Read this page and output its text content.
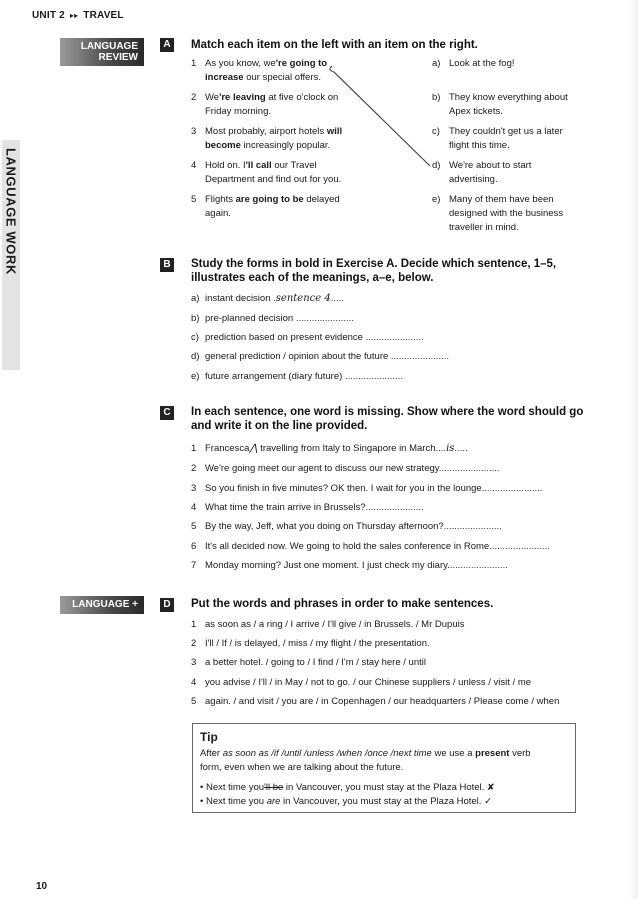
UNIT 2 ▸▸ TRAVEL
LANGUAGE WORK
LANGUAGE
REVIEW
LANGUAGE +
A Match each item on the left with an item on the right.
1 As you know, we're going to
increase our special offers.
2 We're leaving at five o'clock on
Friday morning.
3 Most probably, airport hotels will
become increasingly popular.
4 Hold on. I'll call our Travel
Department and find out for you.
5 Flights are going to be delayed
again.
a) Look at the fog!
b) They know everything about
Apex tickets.
c) They couldn't get us a later
flight this time.
d) We're about to start
advertising.
e) Many of them have been
designed with the business
traveller in mind.
B Study the forms in bold in Exercise A. Decide which sentence, 1–5,
illustrates each of the meanings, a–e, below.
a) instant decision .sentence 4.....
b) pre-planned decision ......................
c) prediction based on present evidence ......................
d) general prediction / opinion about the future ......................
e) future arrangement (diary future) ......................
C In each sentence, one word is missing. Show where the word should go
and write it on the line provided.
1 Francesca⋀ travelling from Italy to Singapore in March....is.....
2 We're going meet our agent to discuss our new strategy.......................
3 So you finish in five minutes? OK then. I wait for you in the lounge.......................
4 What time the train arrive in Brussels?......................
5 By the way, Jeff, what you doing on Thursday afternoon?......................
6 It's all decided now. We going to hold the sales conference in Rome.......................
7 Monday morning? Just one moment. I just check my diary.......................
D Put the words and phrases in order to make sentences.
1 as soon as / a ring / I arrive / I'll give / in Brussels. / Mr Dupuis
2 I'll / If / is delayed, / miss / my flight / the presentation.
3 a better hotel. / going to / I find / I'm / stay here / until
4 you advise / I'll / in May / not to go. / our Chinese suppliers / unless / visit / me
5 again. / and visit / you are / in Copenhagen / our headquarters / Please come / when
Tip
After as soon as /if /until /unless /when /once /next time we use a present verb
form, even when we are talking about the future.
• Next time you'll be in Vancouver, you must stay at the Plaza Hotel. ✘
• Next time you are in Vancouver, you must stay at the Plaza Hotel. ✓
10
